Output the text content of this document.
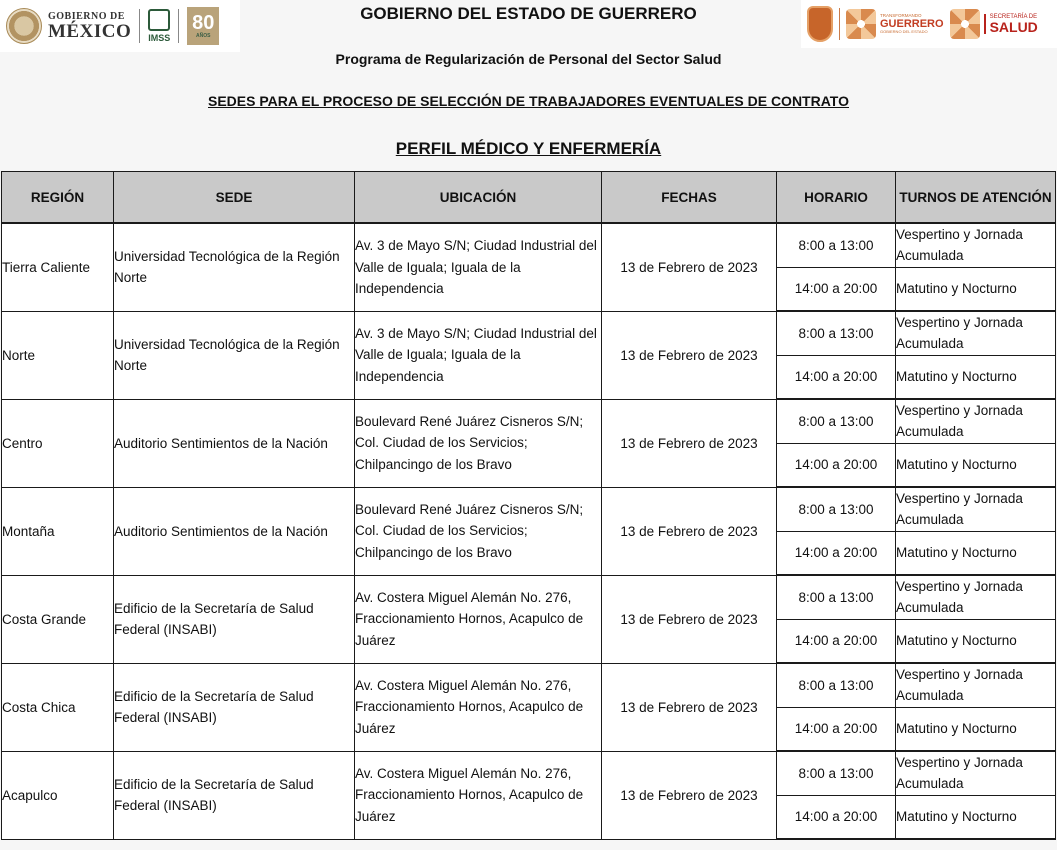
GOBIERNO DE
MÉXICO IMSS
80
AÑOS
TRANSFORMANDO
GUERRERO
GOBIERNO DEL ESTADO
SECRETARÍA DE
SALUD
GOBIERNO DEL ESTADO DE GUERRERO
Programa de Regularización de Personal del Sector Salud
SEDES PARA EL PROCESO DE SELECCIÓN DE TRABAJADORES EVENTUALES DE CONTRATO
PERFIL MÉDICO Y ENFERMERÍA
REGIÓN	SEDE	UBICACIÓN	FECHAS	HORARIO	TURNOS DE ATENCIÓN
Tierra Caliente	Universidad Tecnológica de la Región Norte	Av. 3 de Mayo S/N; Ciudad Industrial del Valle de Iguala; Iguala de la Independencia	13 de Febrero de 2023	8:00 a 13:00	Vespertino y Jornada Acumulada
				14:00 a 20:00	Matutino y Nocturno
Norte	Universidad Tecnológica de la Región Norte	Av. 3 de Mayo S/N; Ciudad Industrial del Valle de Iguala; Iguala de la Independencia	13 de Febrero de 2023	8:00 a 13:00	Vespertino y Jornada Acumulada
				14:00 a 20:00	Matutino y Nocturno
Centro	Auditorio Sentimientos de la Nación	Boulevard René Juárez Cisneros S/N; Col. Ciudad de los Servicios; Chilpancingo de los Bravo	13 de Febrero de 2023	8:00 a 13:00	Vespertino y Jornada Acumulada
				14:00 a 20:00	Matutino y Nocturno
Montaña	Auditorio Sentimientos de la Nación	Boulevard René Juárez Cisneros S/N; Col. Ciudad de los Servicios; Chilpancingo de los Bravo	13 de Febrero de 2023	8:00 a 13:00	Vespertino y Jornada Acumulada
				14:00 a 20:00	Matutino y Nocturno
Costa Grande	Edificio de la Secretaría de Salud Federal (INSABI)	Av. Costera Miguel Alemán No. 276, Fraccionamiento Hornos, Acapulco de Juárez	13 de Febrero de 2023	8:00 a 13:00	Vespertino y Jornada Acumulada
				14:00 a 20:00	Matutino y Nocturno
Costa Chica	Edificio de la Secretaría de Salud Federal (INSABI)	Av. Costera Miguel Alemán No. 276, Fraccionamiento Hornos, Acapulco de Juárez	13 de Febrero de 2023	8:00 a 13:00	Vespertino y Jornada Acumulada
				14:00 a 20:00	Matutino y Nocturno
Acapulco	Edificio de la Secretaría de Salud Federal (INSABI)	Av. Costera Miguel Alemán No. 276, Fraccionamiento Hornos, Acapulco de Juárez	13 de Febrero de 2023	8:00 a 13:00	Vespertino y Jornada Acumulada
				14:00 a 20:00	Matutino y Nocturno
